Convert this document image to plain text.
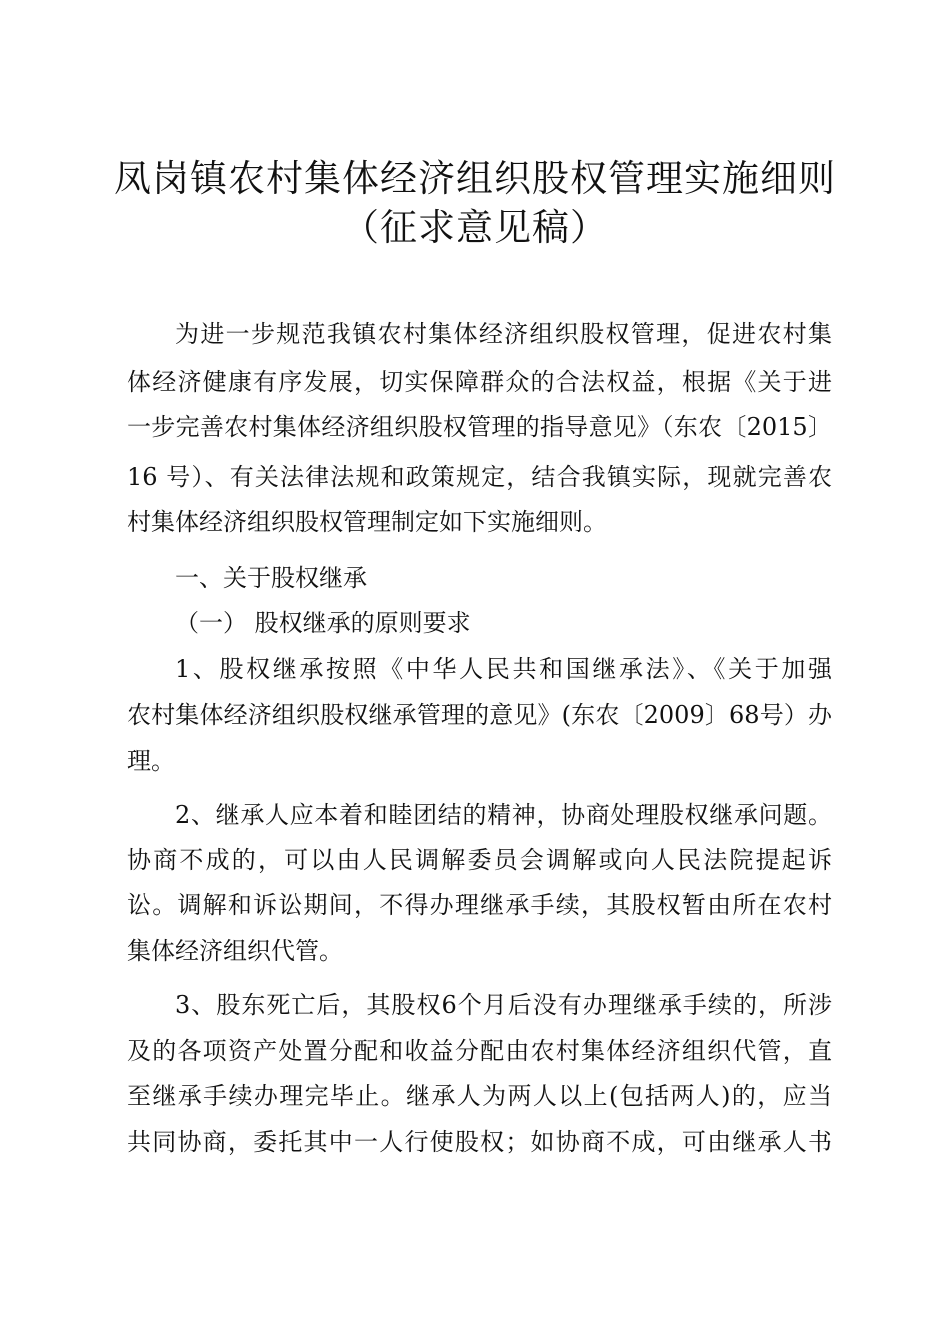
凤岗镇农村集体经济组织股权管理实施细则
（征求意见稿）
为进一步规范我镇农村集体经济组织股权管理，促进农村集
体经济健康有序发展，切实保障群众的合法权益，根据《关于进
一步完善农村集体经济组织股权管理的指导意见》（东农〔2015〕
16 号）、有关法律法规和政策规定，结合我镇实际，现就完善农
村集体经济组织股权管理制定如下实施细则。
一、关于股权继承
（一） 股权继承的原则要求
1、股权继承按照《中华人民共和国继承法》、《关于加强
农村集体经济组织股权继承管理的意见》(东农〔2009〕68号）办
理。
2、继承人应本着和睦团结的精神，协商处理股权继承问题。
协商不成的，可以由人民调解委员会调解或向人民法院提起诉
讼。调解和诉讼期间，不得办理继承手续，其股权暂由所在农村
集体经济组织代管。
3、股东死亡后，其股权6个月后没有办理继承手续的，所涉
及的各项资产处置分配和收益分配由农村集体经济组织代管，直
至继承手续办理完毕止。继承人为两人以上(包括两人)的，应当
共同协商，委托其中一人行使股权；如协商不成，可由继承人书
